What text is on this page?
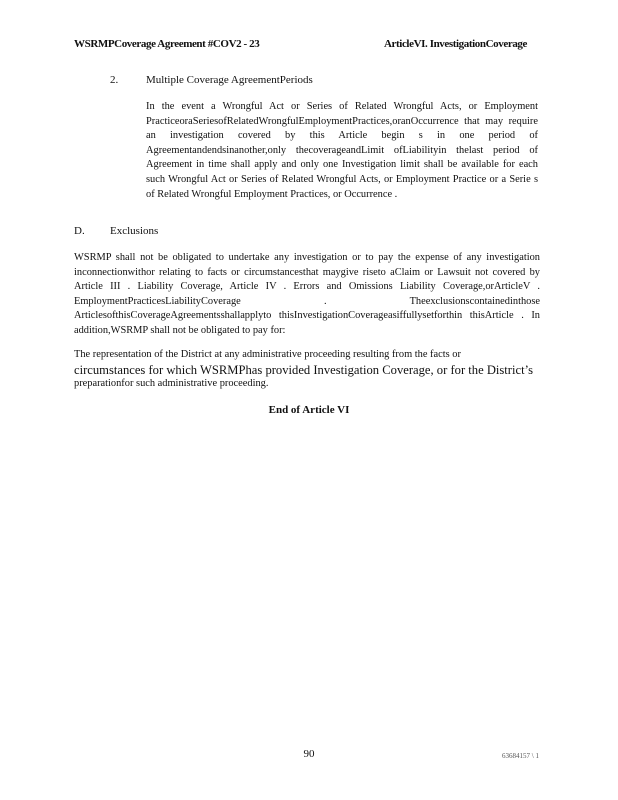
WSRMPCoverage Agreement #COV2 - 23	ArticleVI. InvestigationCoverage
2.	Multiple Coverage AgreementPeriods
In the event a Wrongful Act or Series of Related Wrongful Acts, or Employment PracticeoraSeriesofRelatedWrongfulEmploymentPractices,oranOccurrence that may require an investigation covered by this Article begin s in one period of Agreementandendsinanother,only thecoverageandLimit ofLiabilityin thelast period of Agreement in time shall apply and only one Investigation limit shall be available for each such Wrongful Act or Series of Related Wrongful Acts, or Employment Practice or a Serie s of Related Wrongful Employment Practices, or Occurrence .
D. Exclusions
WSRMP shall not be obligated to undertake any investigation or to pay the expense of any investigation inconnectionwithor relating to facts or circumstancesthat maygive riseto aClaim or Lawsuit not covered by Article III . Liability Coverage, Article IV . Errors and Omissions Liability Coverage,orArticleV . EmploymentPracticesLiabilityCoverage . Theexclusionscontainedinthose ArticlesofthisCoverageAgreementsshallapplyto thisInvestigationCoverageasiffullysetforthin thisArticle . In addition,WSRMP shall not be obligated to pay for:
The representation of the District at any administrative proceeding resulting from the facts or
circumstances for which WSRMPhas provided Investigation Coverage, or for the District’s
preparationfor such administrative proceeding.
End of Article VI
90	63684157 \ 1
